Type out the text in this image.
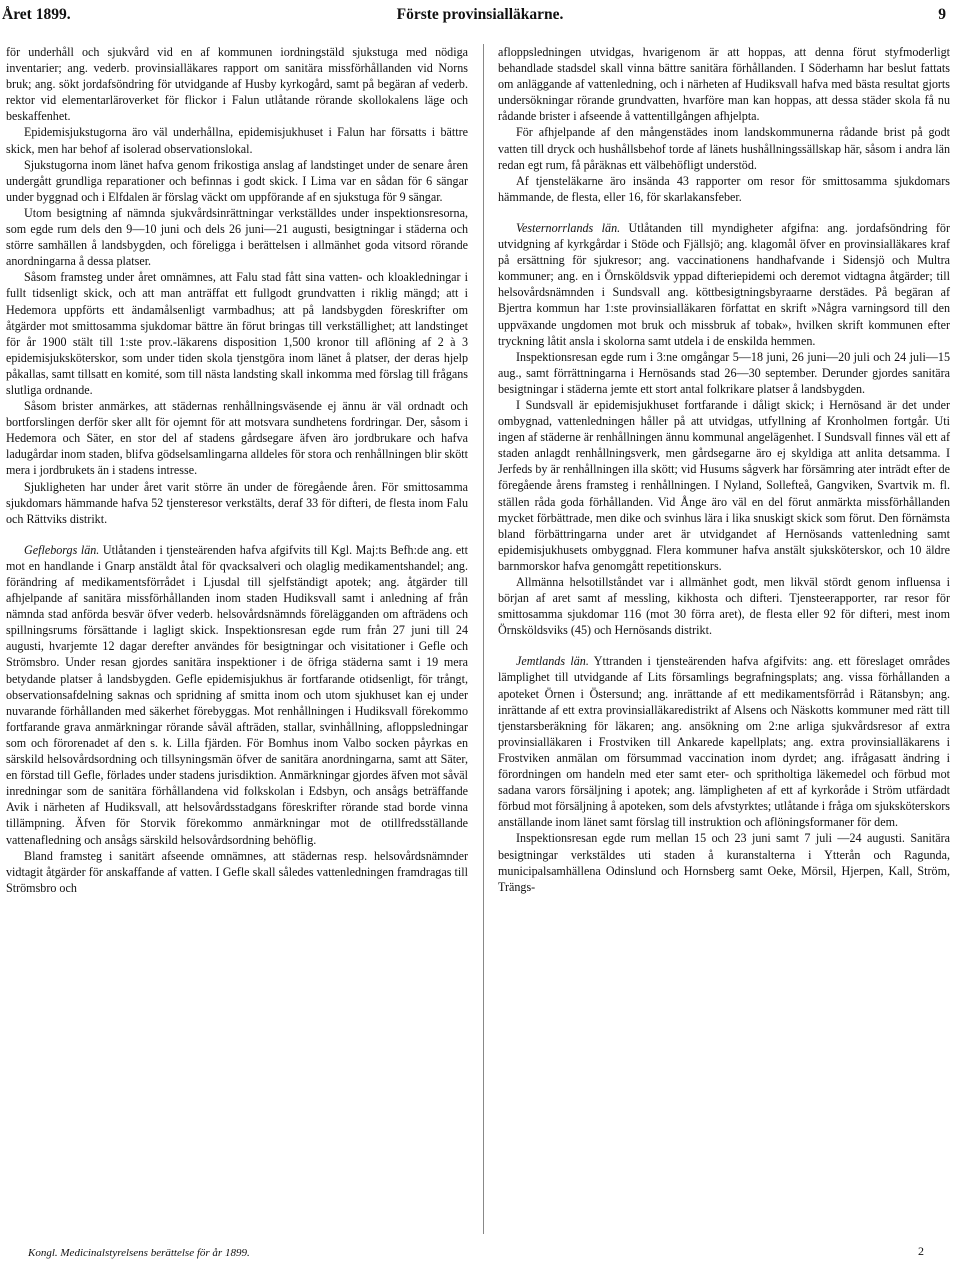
Året 1899.	Förste provinsialläkarne.	9

för underhåll och sjukvård vid en af kommunen iordningstäld sjukstuga med nödiga inventarier; ang. vederb. provinsialläkares rapport om sanitära missförhållanden vid Norns bruk; ang. sökt jordafsöndring för utvidgande af Husby kyrkogård, samt på begäran af vederb. rektor vid elementarläroverket för flickor i Falun utlåtande rörande skollokalens läge och beskaffenhet.

Epidemisjukstugorna äro väl underhållna, epidemisjukhuset i Falun har försatts i bättre skick, men har behof af isolerad observationslokal.

Sjukstugorna inom länet hafva genom frikostiga anslag af landstinget under de senare åren undergått grundliga reparationer och befinnas i godt skick. I Lima var en sådan för 6 sängar under byggnad och i Elfdalen är förslag väckt om uppförande af en sjukstuga för 9 sängar.

Utom besigtning af nämnda sjukvårdsinrättningar verkställdes under inspektionsresorna, som egde rum dels den 9—10 juni och dels 26 juni—21 augusti, besigtningar i städerna och större samhällen å landsbygden, och föreligga i berättelsen i allmänhet goda vitsord rörande anordningarna å dessa platser.

Såsom framsteg under året omnämnes, att Falu stad fått sina vatten- och kloakledningar i fullt tidsenligt skick, och att man anträffat ett fullgodt grundvatten i riklig mängd; att i Hedemora uppförts ett ändamålsenligt varmbadhus; att på landsbygden föreskrifter om åtgärder mot smittosamma sjukdomar bättre än förut bringas till verkställighet; att landstinget för år 1900 stält till 1:ste prov.-läkarens disposition 1,500 kronor till aflöning af 2 à 3 epidemisjuksköterskor, som under tiden skola tjenstgöra inom länet å platser, der deras hjelp påkallas, samt tillsatt en komité, som till nästa landsting skall inkomma med förslag till frågans slutliga ordnande.

Såsom brister anmärkes, att städernas renhållningsväsende ej ännu är väl ordnadt och bortforslingen derför sker allt för ojemnt för att motsvara sundhetens fordringar. Der, såsom i Hedemora och Säter, en stor del af stadens gårdsegare äfven äro jordbrukare och hafva ladugårdar inom staden, blifva gödselsamlingarna alldeles för stora och renhållningen blir skött mera i jordbrukets än i stadens intresse.

Sjukligheten har under året varit större än under de föregående åren. För smittosamma sjukdomars hämmande hafva 52 tjensteresor verkstälts, deraf 33 för difteri, de flesta inom Falu och Rättviks distrikt.

Gefleborgs län. Utlåtanden i tjensteärenden hafva afgifvits till Kgl. Maj:ts Befh:de ang. ett mot en handlande i Gnarp anstäldt åtal för qvacksalveri och olaglig medikamentshandel; ang. förändring af medikamentsförrådet i Ljusdal till sjelfständigt apotek; ang. åtgärder till afhjelpande af sanitära missförhållanden inom staden Hudiksvall samt i anledning af från nämnda stad anförda besvär öfver vederb. helsovårdsnämnds förelägganden om afträdens och spillningsrums försättande i lagligt skick. Inspektionsresan egde rum från 27 juni till 24 augusti, hvarjemte 12 dagar derefter användes för besigtningar och visitationer i Gefle och Strömsbro. Under resan gjordes sanitära inspektioner i de öfriga städerna samt i 19 mera betydande platser å landsbygden. Gefle epidemisjukhus är fortfarande otidsenligt, för trångt, observationsafdelning saknas och spridning af smitta inom och utom sjukhuset kan ej under nuvarande förhållanden med säkerhet förebyggas. Mot renhållningen i Hudiksvall förekommo fortfarande grava anmärkningar rörande såväl afträden, stallar, svinhållning, afloppsledningar som och förorenadet af den s. k. Lilla fjärden. För Bomhus inom Valbo socken påyrkas en särskild helsovårdsordning och tillsyningsmän öfver de sanitära anordningarna, samt att Säter, en förstad till Gefle, förlades under stadens jurisdiktion. Anmärkningar gjordes äfven mot såväl inredningar som de sanitära förhållandena vid folkskolan i Edsbyn, och ansågs beträffande Avik i närheten af Hudiksvall, att helsovårdsstadgans föreskrifter rörande stad borde vinna tillämpning. Äfven för Storvik förekommo anmärkningar mot de otillfredsställande vattenafledning och ansågs särskild helsovårdsordning behöflig.

Bland framsteg i sanitärt afseende omnämnes, att städernas resp. helsovårdsnämnder vidtagit åtgärder för anskaffande af vatten. I Gefle skall således vattenledningen framdragas till Strömsbro och

afloppsledningen utvidgas, hvarigenom är att hoppas, att denna förut styfmoderligt behandlade stadsdel skall vinna bättre sanitära förhållanden. I Söderhamn har beslut fattats om anläggande af vattenledning, och i närheten af Hudiksvall hafva med bästa resultat gjorts undersökningar rörande grundvatten, hvarföre man kan hoppas, att dessa städer skola få nu rådande brister i afseende å vattentillgången afhjelpta.

För afhjelpande af den mångenstädes inom landskommunerna rådande brist på godt vatten till dryck och hushållsbehof torde af länets hushållningssällskap här, såsom i andra län redan egt rum, få påräknas ett välbehöfligt understöd.

Af tjensteläkarne äro insända 43 rapporter om resor för smittosamma sjukdomars hämmande, de flesta, eller 16, för skarlakansfeber.

Vesternorrlands län. Utlåtanden till myndigheter afgifna: ang. jordafsöndring för utvidgning af kyrkgårdar i Stöde och Fjällsjö; ang. klagomål öfver en provinsialläkares kraf på ersättning för sjukresor; ang. vaccinationens handhafvande i Sidensjö och Multra kommuner; ang. en i Örnsköldsvik yppad difteriepidemi och deremot vidtagna åtgärder; till helsovårdsnämnden i Sundsvall ang. köttbesigtningsbyraarne derstädes. På begäran af Bjertra kommun har 1:ste provinsialläkaren författat en skrift »Några varningsord till den uppväxande ungdomen mot bruk och missbruk af tobak», hvilken skrift kommunen efter tryckning låtit ansla i skolorna samt utdela i de enskilda hemmen.

Inspektionsresan egde rum i 3:ne omgångar 5—18 juni, 26 juni—20 juli och 24 juli—15 aug., samt förrättningarna i Hernösands stad 26—30 september. Derunder gjordes sanitära besigtningar i städerna jemte ett stort antal folkrikare platser å landsbygden.

I Sundsvall är epidemisjukhuset fortfarande i dåligt skick; i Hernösand är det under ombygnad, vattenledningen håller på att utvidgas, utfyllning af Kronholmen fortgår. Uti ingen af städerne är renhållningen ännu kommunal angelägenhet. I Sundsvall finnes väl ett af staden anlagdt renhållningsverk, men gårdsegarne äro ej skyldiga att anlita detsamma. I Jerfeds by är renhållningen illa skött; vid Husums sågverk har försämring ater inträdt efter de föregående årens framsteg i renhållningen. I Nyland, Sollefteå, Gangviken, Svartvik m. fl. ställen råda goda förhållanden. Vid Ånge äro väl en del förut anmärkta missförhållanden mycket förbättrade, men dike och svinhus lära i lika snuskigt skick som förut. Den förnämsta bland förbättringarna under aret är utvidgandet af Hernösands vattenledning samt epidemisjukhusets ombyggnad. Flera kommuner hafva anstält sjuksköterskor, och 10 äldre barnmorskor hafva genomgått repetitionskurs.

Allmänna helsotillståndet var i allmänhet godt, men likväl stördt genom influensa i början af aret samt af messling, kikhosta och difteri. Tjensteerapporter, rar resor för smittosamma sjukdomar 116 (mot 30 förra aret), de flesta eller 92 för difteri, mest inom Örnsköldsviks (45) och Hernösands distrikt.

Jemtlands län. Yttranden i tjensteärenden hafva afgifvits: ang. ett föreslaget områdes lämplighet till utvidgande af Lits församlings begrafningsplats; ang. vissa förhållanden a apoteket Örnen i Östersund; ang. inrättande af ett medikamentsförråd i Rätansbyn; ang. inrättande af ett extra provinsialläkaredistrikt af Alsens och Näskotts kommuner med rätt till tjenstarsberäkning för läkaren; ang. ansökning om 2:ne arliga sjukvårdsresor af extra provinsialläkaren i Frostviken till Ankarede kapellplats; ang. extra provinsialläkarens i Frostviken anmälan om försummad vaccination inom dyrdet; ang. ifrågasatt ändring i förordningen om handeln med eter samt eter- och spritholtiga läkemedel och förbud mot sadana varors försäljning i apotek; ang. lämpligheten af ett af kyrkoråde i Ström utfärdadt förbud mot försäljning å apoteken, som dels afvstyrktes; utlåtande i fråga om sjuksköterskors anställande inom länet samt förslag till instruktion och aflöningsformaner för dem.

Inspektionsresan egde rum mellan 15 och 23 juni samt 7 juli —24 augusti. Sanitära besigtningar verkstäldes uti staden å kuranstalterna i Ytterån och Ragunda, municipalsamhällena Odinslund och Hornsberg samt Oeke, Mörsil, Hjerpen, Kall, Ström, Trängs-

Kongl. Medicinalstyrelsens berättelse för år 1899.	2
